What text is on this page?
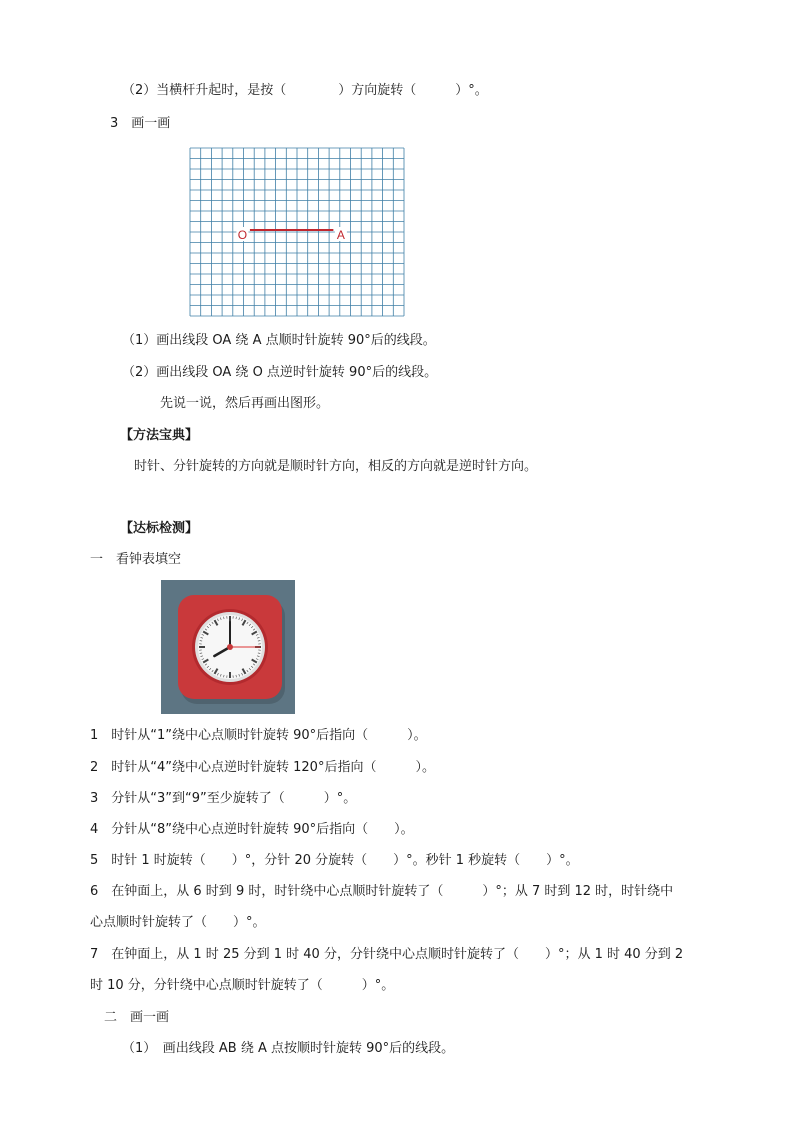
（2）当横杆升起时，是按（　　　　）方向旋转（　　　）°。
3　画一画
O	A
（1）画出线段 OA 绕 A 点顺时针旋转 90°后的线段。
（2）画出线段 OA 绕 O 点逆时针旋转 90°后的线段。
先说一说，然后再画出图形。
【方法宝典】
时针、分针旋转的方向就是顺时针方向，相反的方向就是逆时针方向。
【达标检测】
一　看钟表填空
1　时针从“1”绕中心点顺时针旋转 90°后指向（　　　）。
2　时针从“4”绕中心点逆时针旋转 120°后指向（　　　）。
3　分针从“3”到“9”至少旋转了（　　　）°。
4　分针从“8”绕中心点逆时针旋转 90°后指向（　　）。
5　时针 1 时旋转（　　）°，分针 20 分旋转（　　）°。秒针 1 秒旋转（　　）°。
6　在钟面上，从 6 时到 9 时，时针绕中心点顺时针旋转了（　　　）°；从 7 时到 12 时，时针绕中
心点顺时针旋转了（　　）°。
7　在钟面上，从 1 时 25 分到 1 时 40 分，分针绕中心点顺时针旋转了（　　）°；从 1 时 40 分到 2
时 10 分，分针绕中心点顺时针旋转了（　　　）°。
二　画一画
（1）　画出线段 AB 绕 A 点按顺时针旋转 90°后的线段。
